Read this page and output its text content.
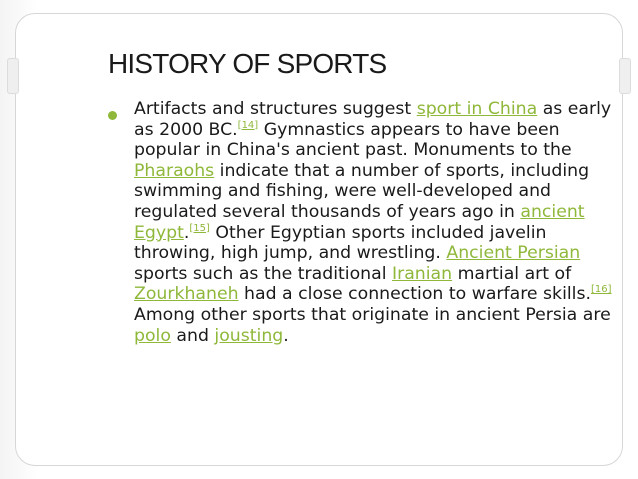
HISTORY OF SPORTS

Artifacts and structures suggest sport in China as early as 2000 BC.[14] Gymnastics appears to have been popular in China's ancient past. Monuments to the Pharaohs indicate that a number of sports, including swimming and fishing, were well-developed and regulated several thousands of years ago in ancient Egypt.[15] Other Egyptian sports included javelin throwing, high jump, and wrestling. Ancient Persian sports such as the traditional Iranian martial art of Zourkhaneh had a close connection to warfare skills.[16] Among other sports that originate in ancient Persia are polo and jousting.
